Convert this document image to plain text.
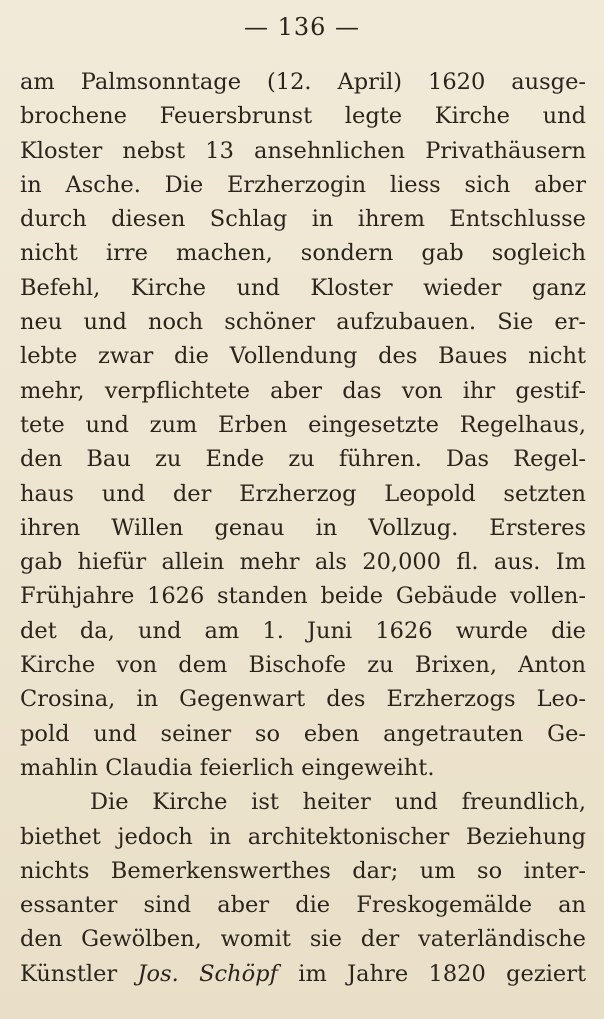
— 136 —
am Palmsonntage (12. April) 1620 ausge-
brochene Feuersbrunst legte Kirche und
Kloster nebst 13 ansehnlichen Privathäusern
in Asche. Die Erzherzogin liess sich aber
durch diesen Schlag in ihrem Entschlusse
nicht irre machen, sondern gab sogleich
Befehl, Kirche und Kloster wieder ganz
neu und noch schöner aufzubauen. Sie er-
lebte zwar die Vollendung des Baues nicht
mehr, verpflichtete aber das von ihr gestif-
tete und zum Erben eingesetzte Regelhaus,
den Bau zu Ende zu führen. Das Regel-
haus und der Erzherzog Leopold setzten
ihren Willen genau in Vollzug. Ersteres
gab hiefür allein mehr als 20,000 fl. aus. Im
Frühjahre 1626 standen beide Gebäude vollen-
det da, und am 1. Juni 1626 wurde die
Kirche von dem Bischofe zu Brixen, Anton
Crosina, in Gegenwart des Erzherzogs Leo-
pold und seiner so eben angetrauten Ge-
mahlin Claudia feierlich eingeweiht.
Die Kirche ist heiter und freundlich,
biethet jedoch in architektonischer Beziehung
nichts Bemerkenswerthes dar; um so inter-
essanter sind aber die Freskogemälde an
den Gewölben, womit sie der vaterländische
Künstler Jos. Schöpf im Jahre 1820 geziert
